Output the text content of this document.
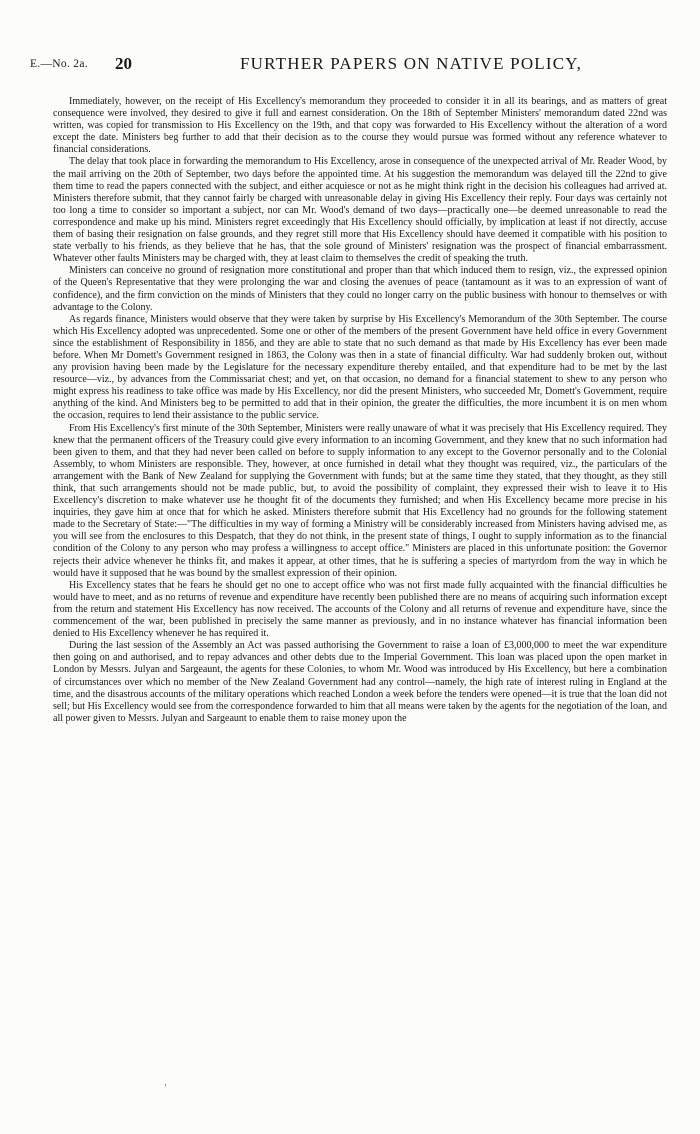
E.—No. 2a. 20	FURTHER PAPERS ON NATIVE POLICY,

Immediately, however, on the receipt of His Excellency's memorandum they proceeded to consider it in all its bearings, and as matters of great consequence were involved, they desired to give it full and earnest consideration. On the 18th of September Ministers' memorandum dated 22nd was written, was copied for transmission to His Excellency on the 19th, and that copy was forwarded to His Excellency without the alteration of a word except the date. Ministers beg further to add that their decision as to the course they would pursue was formed without any reference whatever to financial considerations.

The delay that took place in forwarding the memorandum to His Excellency, arose in consequence of the unexpected arrival of Mr. Reader Wood, by the mail arriving on the 20th of September, two days before the appointed time. At his suggestion the memorandum was delayed till the 22nd to give them time to read the papers connected with the subject, and either acquiesce or not as he might think right in the decision his colleagues had arrived at. Ministers therefore submit, that they cannot fairly be charged with unreasonable delay in giving His Excellency their reply. Four days was certainly not too long a time to consider so important a subject, nor can Mr. Wood's demand of two days—practically one—be deemed unreasonable to read the correspondence and make up his mind. Ministers regret exceedingly that His Excellency should officially, by implication at least if not directly, accuse them of basing their resignation on false grounds, and they regret still more that His Excellency should have deemed it compatible with his position to state verbally to his friends, as they believe that he has, that the sole ground of Ministers' resignation was the prospect of financial embarrassment. Whatever other faults Ministers may be charged with, they at least claim to themselves the credit of speaking the truth.

Ministers can conceive no ground of resignation more constitutional and proper than that which induced them to resign, viz., the expressed opinion of the Queen's Representative that they were prolonging the war and closing the avenues of peace (tantamount as it was to an expression of want of confidence), and the firm conviction on the minds of Ministers that they could no longer carry on the public business with honour to themselves or with advantage to the Colony.

As regards finance, Ministers would observe that they were taken by surprise by His Excellency's Memorandum of the 30th September. The course which His Excellency adopted was unprecedented. Some one or other of the members of the present Government have held office in every Government since the establishment of Responsibility in 1856, and they are able to state that no such demand as that made by His Excellency has ever been made before. When Mr Domett's Government resigned in 1863, the Colony was then in a state of financial difficulty. War had suddenly broken out, without any provision having been made by the Legislature for the necessary expenditure thereby entailed, and that expenditure had to be met by the last resource—viz., by advances from the Commissariat chest; and yet, on that occasion, no demand for a financial statement to shew to any person who might express his readiness to take office was made by His Excellency, nor did the present Ministers, who succeeded Mr, Domett's Government, require anything of the kind. And Ministers beg to be permitted to add that in their opinion, the greater the difficulties, the more incumbent it is on men whom the occasion, requires to lend their assistance to the public service.

From His Excellency's first minute of the 30th September, Ministers were really unaware of what it was precisely that His Excellency required. They knew that the permanent officers of the Treasury could give every information to an incoming Government, and they knew that no such information had been given to them, and that they had never been called on before to supply information to any except to the Governor personally and to the Colonial Assembly, to whom Ministers are responsible. They, however, at once furnished in detail what they thought was required, viz., the particulars of the arrangement with the Bank of New Zealand for supplying the Government with funds; but at the same time they stated, that they thought, as they still think, that such arrangements should not be made public, but, to avoid the possibility of complaint, they expressed their wish to leave it to His Excellency's discretion to make whatever use he thought fit of the documents they furnished; and when His Excellency became more precise in his inquiries, they gave him at once that for which he asked. Ministers therefore submit that His Excellency had no grounds for the following statement made to the Secretary of State:—"The difficulties in my way of forming a Ministry will be considerably increased from Ministers having advised me, as you will see from the enclosures to this Despatch, that they do not think, in the present state of things, I ought to supply information as to the financial condition of the Colony to any person who may profess a willingness to accept office." Ministers are placed in this unfortunate position: the Governor rejects their advice whenever he thinks fit, and makes it appear, at other times, that he is suffering a species of martyrdom from the way in which he would have it supposed that he was bound by the smallest expression of their opinion.

His Excellency states that he fears he should get no one to accept office who was not first made fully acquainted with the financial difficulties he would have to meet, and as no returns of revenue and expenditure have recently been published there are no means of acquiring such information except from the return and statement His Excellency has now received. The accounts of the Colony and all returns of revenue and expenditure have, since the commencement of the war, been published in precisely the same manner as previously, and in no instance whatever has financial information been denied to His Excellency whenever he has required it.

During the last session of the Assembly an Act was passed authorising the Government to raise a loan of £3,000,000 to meet the war expenditure then going on and authorised, and to repay advances and other debts due to the Imperial Government. This loan was placed upon the open market in London by Messrs. Julyan and Sargeaunt, the agents for these Colonies, to whom Mr. Wood was introduced by His Excellency, but here a combination of circumstances over which no member of the New Zealand Government had any control—namely, the high rate of interest ruling in England at the time, and the disastrous accounts of the military operations which reached London a week before the tenders were opened—it is true that the loan did not sell; but His Excellency would see from the correspondence forwarded to him that all means were taken by the agents for the negotiation of the loan, and all power given to Messrs. Julyan and Sargeaunt to enable them to raise money upon the

‘
